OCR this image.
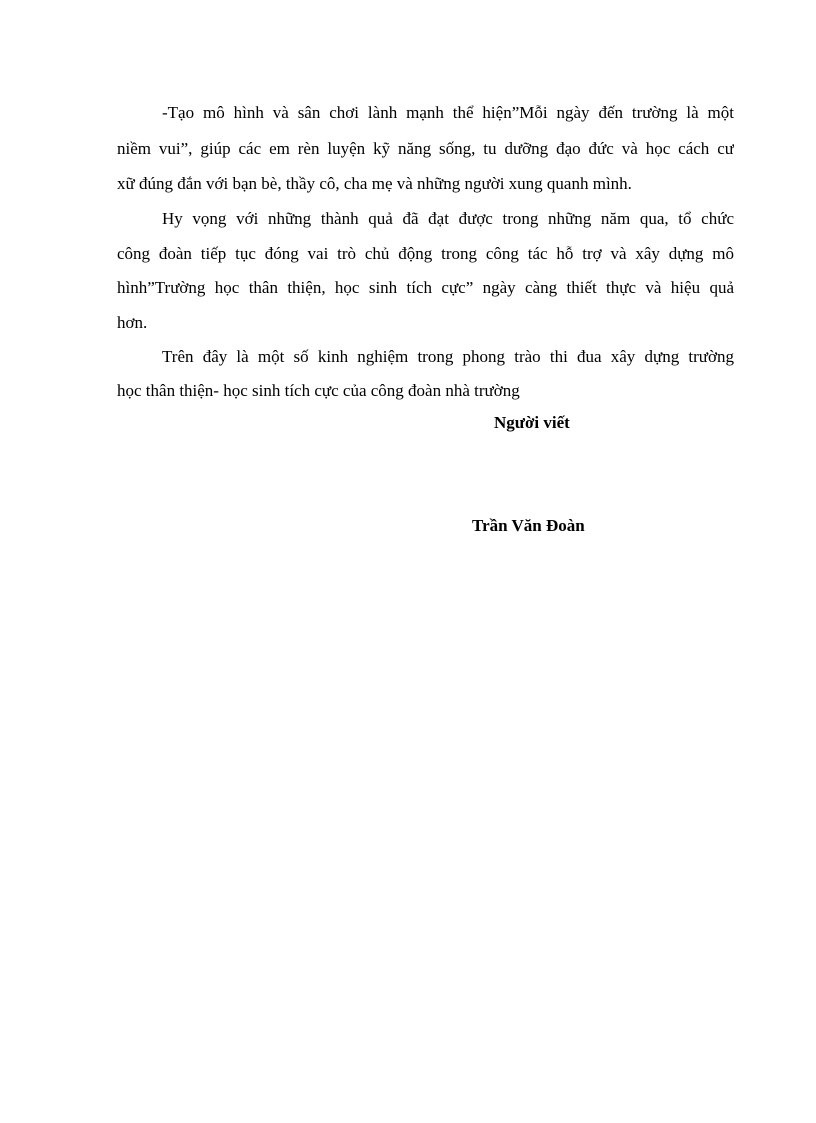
-Tạo mô hình và sân chơi lành mạnh thể hiện”Mỗi ngày đến trường là một
niềm vui”, giúp các em rèn luyện kỹ năng sống, tu dưỡng đạo đức và học cách cư
xữ đúng đắn với bạn bè, thầy cô, cha mẹ và những người xung quanh mình.
Hy vọng với những thành quả đã đạt được trong những năm qua, tổ chức
công đoàn tiếp tục đóng vai trò chủ động trong công tác hỗ trợ và xây dựng mô
hình”Trường học thân thiện, học sinh tích cực” ngày càng thiết thực và hiệu quả
hơn.
Trên đây là một số kinh nghiệm trong phong trào thi đua xây dựng trường
học thân thiện- học sinh tích cực của công đoàn nhà trường
Người viết
Trần Văn Đoàn
